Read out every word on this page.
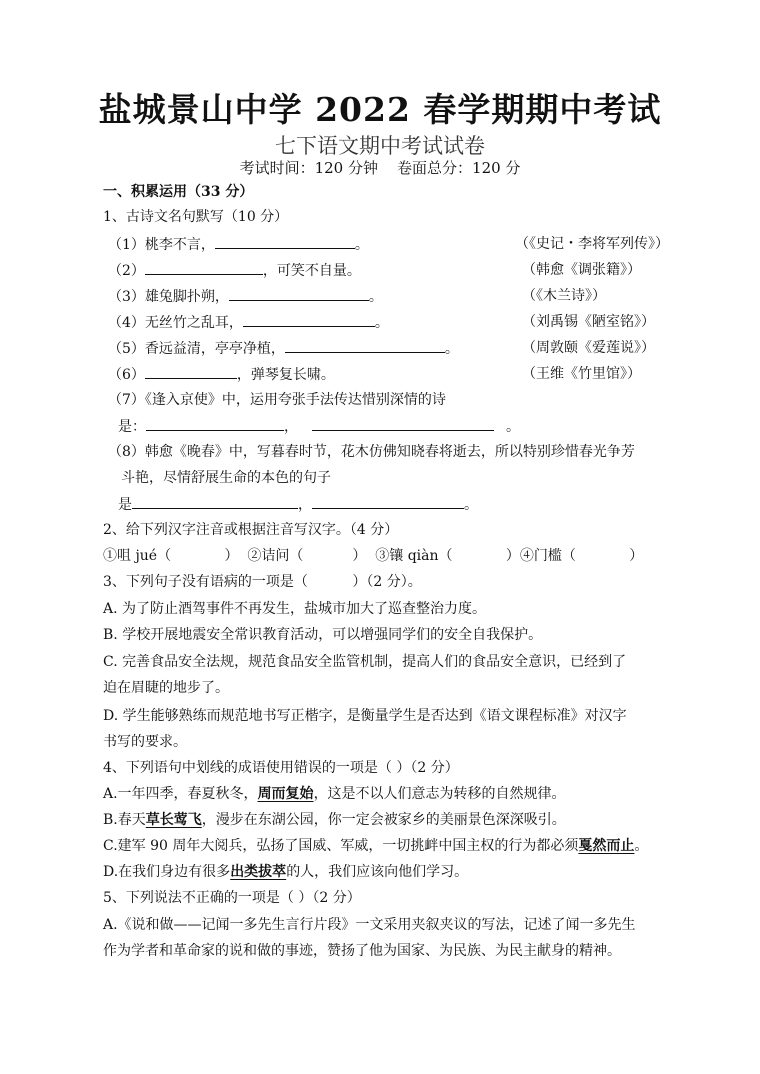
盐城景山中学 2022 春学期期中考试
七下语文期中考试试卷
考试时间：120 分钟    卷面总分：120 分
一、积累运用（33 分）
1、古诗文名句默写（10 分）
（1）桃李不言，	。	（《史记・李将军列传》）
（2）	，可笑不自量。	（韩愈《调张籍》）
（3）雄兔脚扑朔，	。	（《木兰诗》）
（4）无丝竹之乱耳，	。	（刘禹锡《陋室铭》）
（5）香远益清，亭亭净植，	。	（周敦颐《爱莲说》）
（6）	，弹琴复长啸。	（王维《竹里馆》）
（7）《逢入京使》中，运用夸张手法传达惜别深情的诗
是：	，	。
（8）韩愈《晚春》中，写暮春时节，花木仿佛知晓春将逝去，所以特别珍惜春光争芳
斗艳，尽情舒展生命的本色的句子
是	，	。
2、给下列汉字注音或根据注音写汉字。（4 分）
①咀 jué（            ）  ②诘问（           ）  ③镶 qiàn（            ）④门槛（            ）
3、下列句子没有语病的一项是（          ）（2 分）。
A. 为了防止酒驾事件不再发生，盐城市加大了巡查整治力度。
B. 学校开展地震安全常识教育活动，可以增强同学们的安全自我保护。
C. 完善食品安全法规，规范食品安全监管机制，提高人们的食品安全意识，已经到了
迫在眉睫的地步了。
D. 学生能够熟练而规范地书写正楷字，是衡量学生是否达到《语文课程标准》对汉字
书写的要求。
4、下列语句中划线的成语使用错误的一项是（ ）（2 分）
A.一年四季，春夏秋冬，周而复始，这是不以人们意志为转移的自然规律。
B.春天草长莺飞，漫步在东湖公园，你一定会被家乡的美丽景色深深吸引。
C.建军 90 周年大阅兵，弘扬了国威、军威，一切挑衅中国主权的行为都必须戛然而止。
D.在我们身边有很多出类拔萃的人，我们应该向他们学习。
5、下列说法不正确的一项是（ ）（2 分）
A.《说和做——记闻一多先生言行片段》一文采用夹叙夹议的写法，记述了闻一多先生
作为学者和革命家的说和做的事迹，赞扬了他为国家、为民族、为民主献身的精神。
